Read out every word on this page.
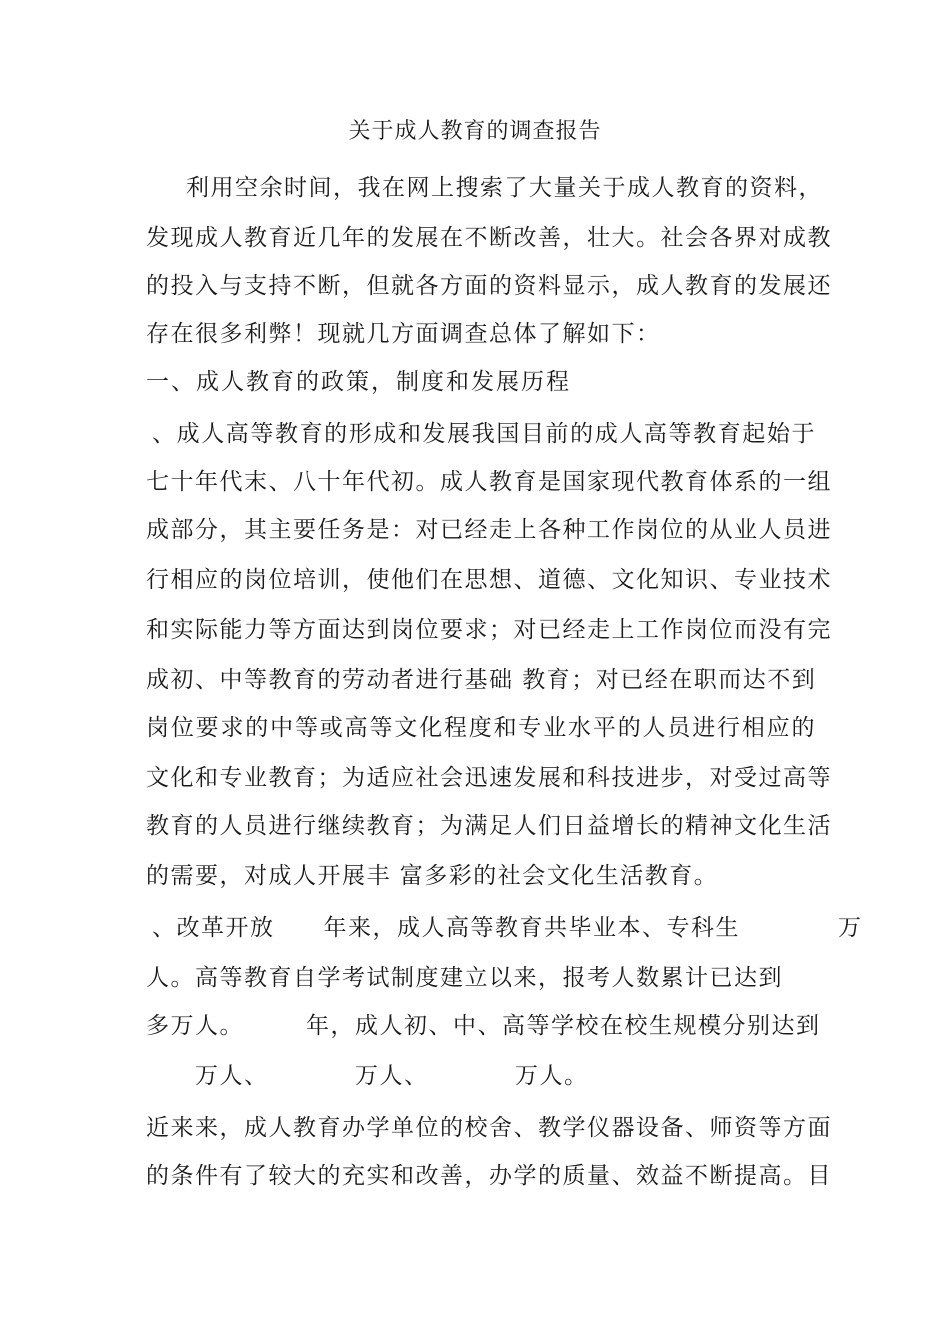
关于成人教育的调查报告
利用空余时间，我在网上搜索了大量关于成人教育的资料，
发现成人教育近几年的发展在不断改善，壮大。社会各界对成教
的投入与支持不断，但就各方面的资料显示，成人教育的发展还
存在很多利弊！现就几方面调查总体了解如下：
一、成人教育的政策，制度和发展历程
、成人高等教育的形成和发展我国目前的成人高等教育起始于
七十年代末、八十年代初。成人教育是国家现代教育体系的一组
成部分，其主要任务是：对已经走上各种工作岗位的从业人员进
行相应的岗位培训，使他们在思想、道德、文化知识、专业技术
和实际能力等方面达到岗位要求；对已经走上工作岗位而没有完
成初、中等教育的劳动者进行基础 教育；对已经在职而达不到
岗位要求的中等或高等文化程度和专业水平的人员进行相应的
文化和专业教育；为适应社会迅速发展和科技进步，对受过高等
教育的人员进行继续教育；为满足人们日益增长的精神文化生活
的需要，对成人开展丰 富多彩的社会文化生活教育。
、改革开放　　年来，成人高等教育共毕业本、专科生　　　　万
人。高等教育自学考试制度建立以来，报考人数累计已达到
多万人。　　　年，成人初、中、高等学校在校生规模分别达到
　　万人、　　　　万人、　　　　万人。
近来来，成人教育办学单位的校舍、教学仪器设备、师资等方面
的条件有了较大的充实和改善，办学的质量、效益不断提高。目
